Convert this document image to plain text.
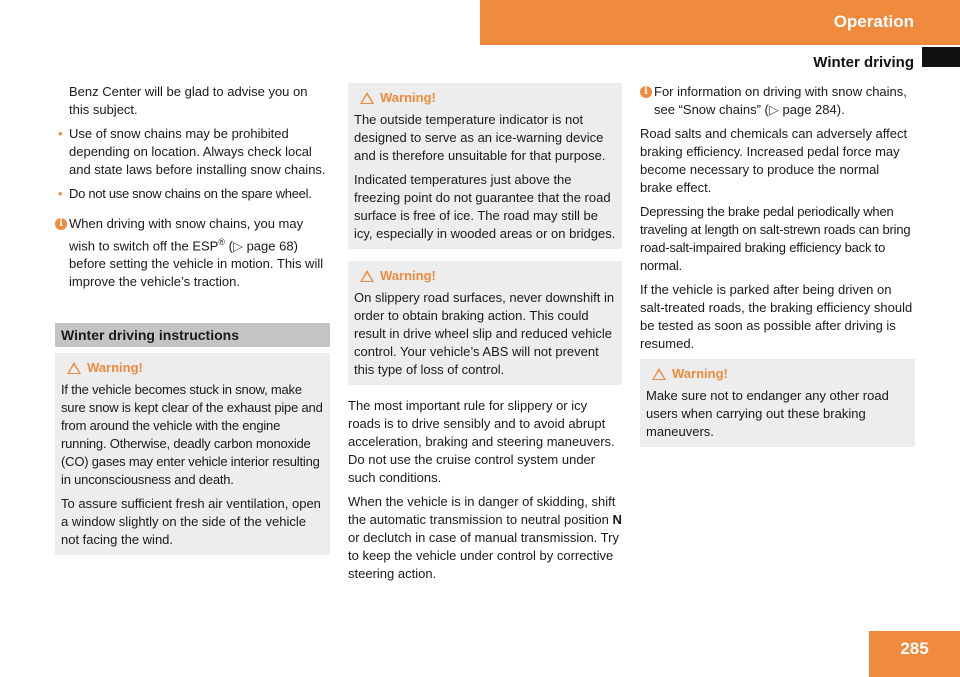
Operation
Winter driving

Benz Center will be glad to advise you on this subject.

• Use of snow chains may be prohibited depending on location. Always check local and state laws before installing snow chains.
• Do not use snow chains on the spare wheel.
i When driving with snow chains, you may wish to switch off the ESP® (▷ page 68) before setting the vehicle in motion. This will improve the vehicle’s traction.
Winter driving instructions
Warning!

If the vehicle becomes stuck in snow, make sure snow is kept clear of the exhaust pipe and from around the vehicle with the engine running. Otherwise, deadly carbon monoxide (CO) gases may enter vehicle interior resulting in unconsciousness and death.

To assure sufficient fresh air ventilation, open a window slightly on the side of the vehicle not facing the wind.

Warning!

The outside temperature indicator is not designed to serve as an ice-warning device and is therefore unsuitable for that purpose.

Indicated temperatures just above the freezing point do not guarantee that the road surface is free of ice. The road may still be icy, especially in wooded areas or on bridges.

Warning!

On slippery road surfaces, never downshift in order to obtain braking action. This could result in drive wheel slip and reduced vehicle control. Your vehicle’s ABS will not prevent this type of loss of control.

The most important rule for slippery or icy roads is to drive sensibly and to avoid abrupt acceleration, braking and steering maneuvers. Do not use the cruise control system under such conditions.

When the vehicle is in danger of skidding, shift the automatic transmission to neutral position N or declutch in case of manual transmission. Try to keep the vehicle under control by corrective steering action.

i For information on driving with snow chains, see “Snow chains” (▷ page 284).

Road salts and chemicals can adversely affect braking efficiency. Increased pedal force may become necessary to produce the normal brake effect.

Depressing the brake pedal periodically when traveling at length on salt-strewn roads can bring road-salt-impaired braking efficiency back to normal.

If the vehicle is parked after being driven on salt-treated roads, the braking efficiency should be tested as soon as possible after driving is resumed.

Warning!

Make sure not to endanger any other road users when carrying out these braking maneuvers.

285
